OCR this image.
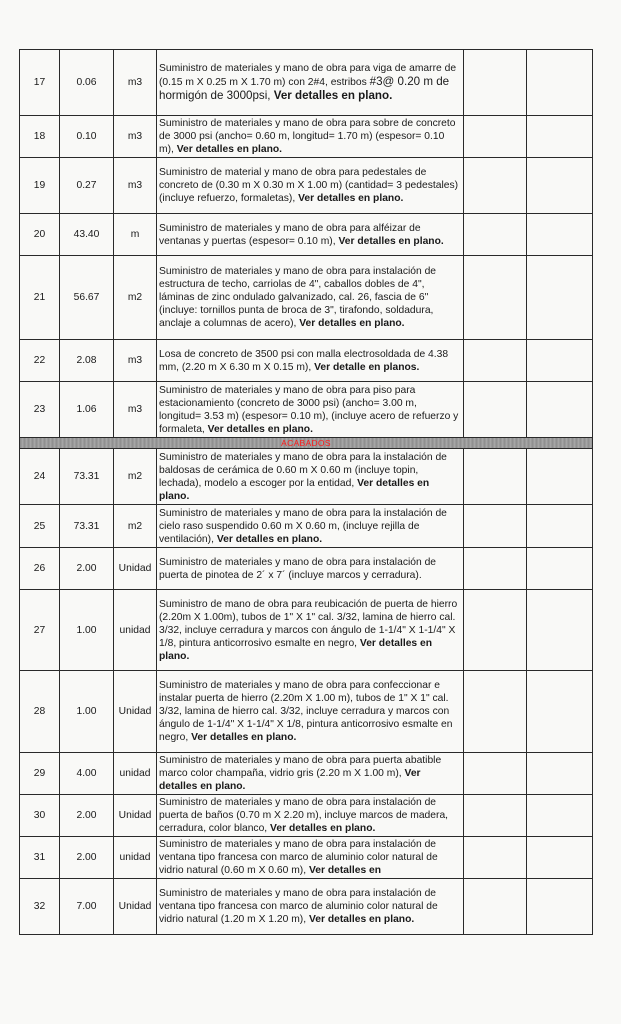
17	0.06	m3	Suministro de materiales y mano de obra para viga de amarre de (0.15 m X 0.25 m X 1.70 m) con 2#4, estribos #3@ 0.20 m de hormigón de 3000psi, Ver detalles en plano.		
18	0.10	m3	Suministro de materiales y mano de obra para sobre de concreto de 3000 psi (ancho= 0.60 m, longitud= 1.70 m) (espesor= 0.10 m), Ver detalles en plano.		
19	0.27	m3	Suministro de material y mano de obra para pedestales de concreto de (0.30 m X 0.30 m X 1.00 m) (cantidad= 3 pedestales) (incluye refuerzo, formaletas), Ver detalles en plano.		
20	43.40	m	Suministro de materiales y mano de obra para alféizar de ventanas y puertas (espesor= 0.10 m), Ver detalles en plano.		
21	56.67	m2	Suministro de materiales y mano de obra para instalación de estructura de techo, carriolas de 4", caballos dobles de 4", láminas de zinc ondulado galvanizado, cal. 26, fascia de 6" (incluye: tornillos punta de broca de 3", tirafondo, soldadura, anclaje a columnas de acero), Ver detalles en plano.		
22	2.08	m3	Losa de concreto de 3500 psi con malla electrosoldada de 4.38 mm, (2.20 m X 6.30 m X 0.15 m), Ver detalle en planos.		
23	1.06	m3	Suministro de materiales y mano de obra para piso para estacionamiento (concreto de 3000 psi) (ancho= 3.00 m, longitud= 3.53 m) (espesor= 0.10 m), (incluye acero de refuerzo y formaleta, Ver detalles en plano.		
ACABADOS					
24	73.31	m2	Suministro de materiales y mano de obra para la instalación de baldosas de cerámica de 0.60 m X 0.60 m (incluye topin, lechada), modelo a escoger por la entidad, Ver detalles en plano.		
25	73.31	m2	Suministro de materiales y mano de obra para la instalación de cielo raso suspendido 0.60 m X 0.60 m, (incluye rejilla de ventilación), Ver detalles en plano.		
26	2.00	Unidad	Suministro de materiales y mano de obra para instalación de puerta de pinotea de 2´ x 7´ (incluye marcos y cerradura).		
27	1.00	unidad	Suministro de mano de obra para reubicación de puerta de hierro (2.20m X 1.00m), tubos de 1" X 1" cal. 3/32, lamina de hierro cal. 3/32, incluye cerradura y marcos con ángulo de 1-1/4" X 1-1/4" X 1/8, pintura anticorrosivo esmalte en negro, Ver detalles en plano.		
28	1.00	Unidad	Suministro de materiales y mano de obra para confeccionar e instalar puerta de hierro (2.20m X 1.00 m), tubos de 1" X 1" cal. 3/32, lamina de hierro cal. 3/32, incluye cerradura y marcos con ángulo de 1-1/4" X 1-1/4" X 1/8, pintura anticorrosivo esmalte en negro, Ver detalles en plano.		
29	4.00	unidad	Suministro de materiales y mano de obra para puerta abatible marco color champaña, vidrio gris (2.20 m X 1.00 m), Ver detalles en plano.		
30	2.00	Unidad	Suministro de materiales y mano de obra para instalación de puerta de baños (0.70 m X 2.20 m), incluye marcos de madera, cerradura, color blanco, Ver detalles en plano.		
31	2.00	unidad	Suministro de materiales y mano de obra para instalación de ventana tipo francesa con marco de aluminio color natural de vidrio natural (0.60 m X 0.60 m), Ver detalles en		
32	7.00	Unidad	Suministro de materiales y mano de obra para instalación de ventana tipo francesa con marco de aluminio color natural de vidrio natural (1.20 m X 1.20 m), Ver detalles en plano.		
